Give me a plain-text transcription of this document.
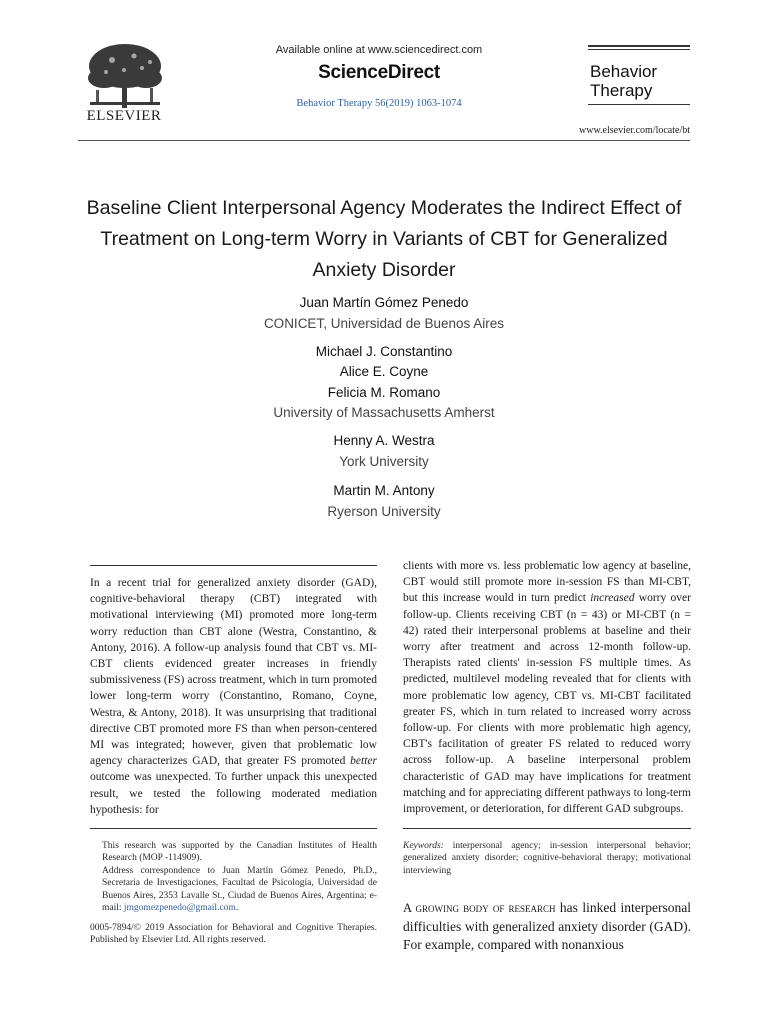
ELSEVIER
Available online at www.sciencedirect.com
ScienceDirect
Behavior Therapy 56(2019) 1063-1074
Behavior
Therapy
www.elsevier.com/locate/bt
Baseline Client Interpersonal Agency Moderates the Indirect Effect of Treatment on Long-term Worry in Variants of CBT for Generalized Anxiety Disorder
Juan Martín Gómez Penedo
CONICET, Universidad de Buenos Aires
Michael J. Constantino
Alice E. Coyne
Felicia M. Romano
University of Massachusetts Amherst
Henny A. Westra
York University
Martin M. Antony
Ryerson University
In a recent trial for generalized anxiety disorder (GAD), cognitive-behavioral therapy (CBT) integrated with motivational interviewing (MI) promoted more long-term worry reduction than CBT alone (Westra, Constantino, & Antony, 2016). A follow-up analysis found that CBT vs. MI-CBT clients evidenced greater increases in friendly submissiveness (FS) across treatment, which in turn promoted lower long-term worry (Constantino, Romano, Coyne, Westra, & Antony, 2018). It was unsurprising that traditional directive CBT promoted more FS than when person-centered MI was integrated; however, given that problematic low agency characterizes GAD, that greater FS promoted better outcome was unexpected. To further unpack this unexpected result, we tested the following moderated mediation hypothesis: for
clients with more vs. less problematic low agency at baseline, CBT would still promote more in-session FS than MI-CBT, but this increase would in turn predict increased worry over follow-up. Clients receiving CBT (n = 43) or MI-CBT (n = 42) rated their interpersonal problems at baseline and their worry after treatment and across 12-month follow-up. Therapists rated clients' in-session FS multiple times. As predicted, multilevel modeling revealed that for clients with more problematic low agency, CBT vs. MI-CBT facilitated greater FS, which in turn related to increased worry across follow-up. For clients with more problematic high agency, CBT's facilitation of greater FS related to reduced worry across follow-up. A baseline interpersonal problem characteristic of GAD may have implications for treatment matching and for appreciating different pathways to long-term improvement, or deterioration, for different GAD subgroups.
This research was supported by the Canadian Institutes of Health Research (MOP -114909).
Address correspondence to Juan Martín Gómez Penedo, Ph.D., Secretaria de Investigaciones, Facultad de Psicología, Universidad de Buenos Aires, 2353 Lavalle St., Ciudad de Buenos Aires, Argentina; e-mail: jmgomezpenedo@gmail.com.
0005-7894/© 2019 Association for Behavioral and Cognitive Therapies. Published by Elsevier Ltd. All rights reserved.
Keywords: interpersonal agency; in-session interpersonal behavior; generalized anxiety disorder; cognitive-behavioral therapy; motivational interviewing
A growing body of research has linked interpersonal difficulties with generalized anxiety disorder (GAD). For example, compared with nonanxious
